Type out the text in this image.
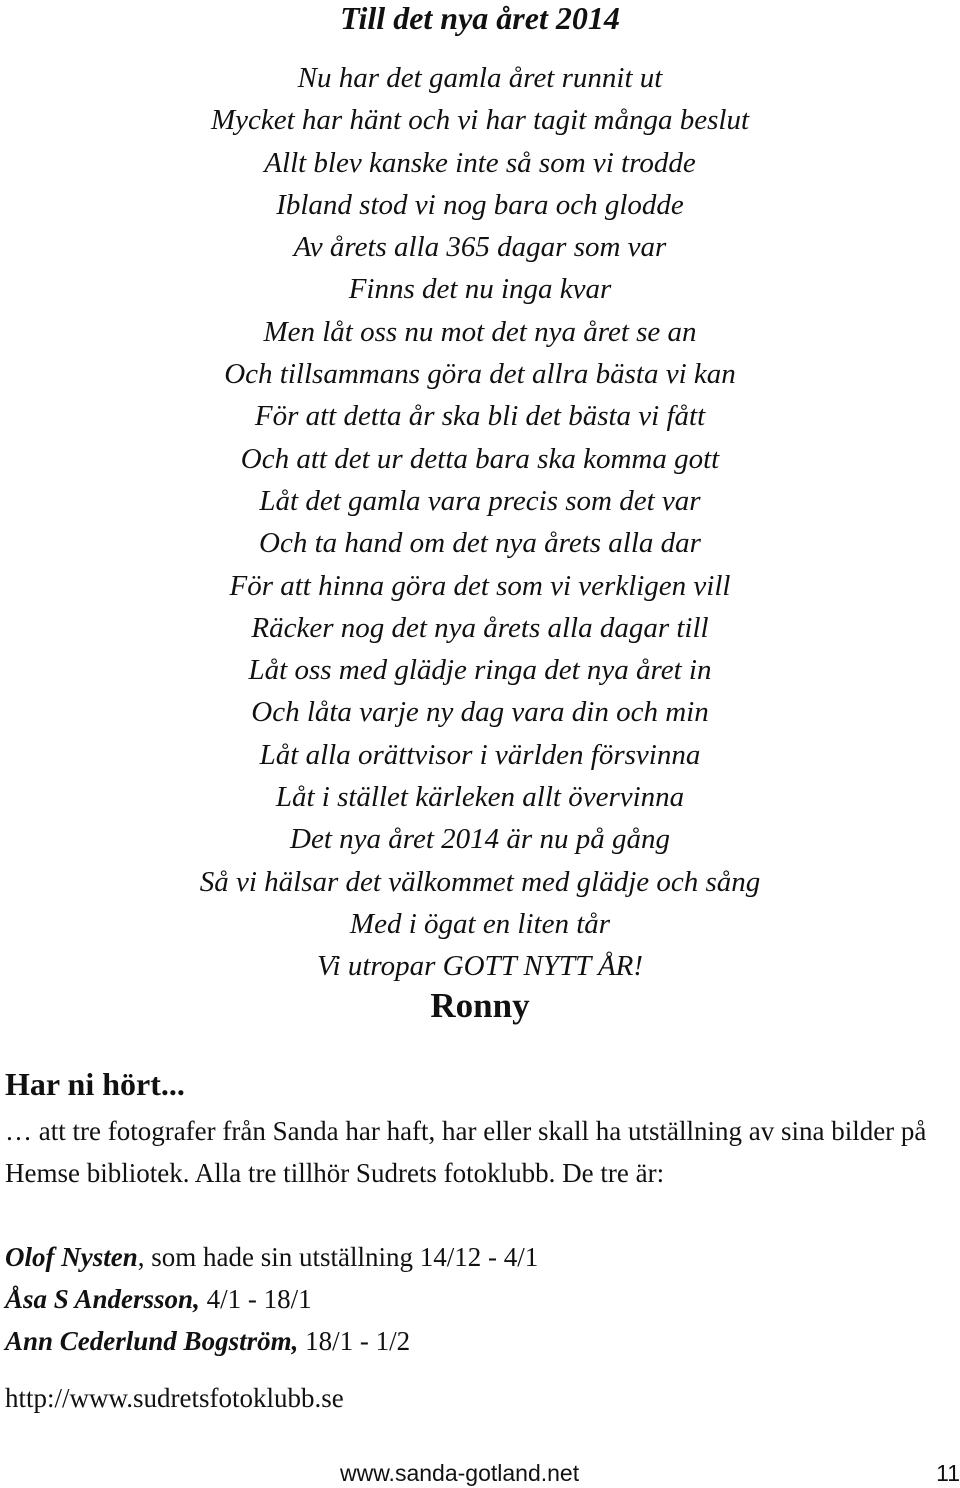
Till det nya året 2014
Nu har det gamla året runnit ut
Mycket har hänt och vi har tagit många beslut
Allt blev kanske inte så som vi trodde
Ibland stod vi nog bara och glodde
Av årets alla 365 dagar som var
Finns det nu inga kvar
Men låt oss nu mot det nya året se an
Och tillsammans göra det allra bästa vi kan
För att detta år ska bli det bästa vi fått
Och att det ur detta bara ska komma gott
Låt det gamla vara precis som det var
Och ta hand om det nya årets alla dar
För att hinna göra det som vi verkligen vill
Räcker nog det nya årets alla dagar till
Låt oss med glädje ringa det nya året in
Och låta varje ny dag vara din och min
Låt alla orättvisor i världen försvinna
Låt i stället kärleken allt övervinna
Det nya året 2014 är nu på gång
Så vi hälsar det välkommet med glädje och sång
Med i ögat en liten tår
Vi utropar GOTT NYTT ÅR!

Ronny

Har ni hört...

… att tre fotografer från Sanda har haft, har eller skall ha utställning av sina bilder på Hemse bibliotek. Alla tre tillhör Sudrets fotoklubb. De tre är:

Olof Nysten, som hade sin utställning 14/12 - 4/1
Åsa S Andersson, 4/1 - 18/1
Ann Cederlund Bogström, 18/1 - 1/2
http://www.sudretsfotoklubb.se
www.sanda-gotland.net	11
